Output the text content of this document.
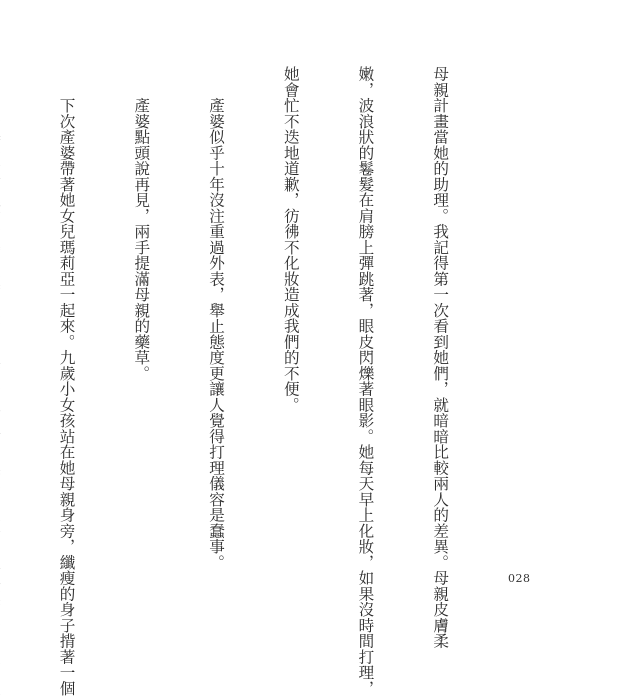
母親計畫當她的助理。我記得第一次看到她們，就暗暗比較兩人的差異。母親皮膚柔

嫩，波浪狀的鬈髮在肩膀上彈跳著，眼皮閃爍著眼影。她每天早上化妝，如果沒時間打理，

她會忙不迭地道歉，彷彿不化妝造成我們的不便。

　　產婆似乎十年沒注重過外表，舉止態度更讓人覺得打理儀容是蠢事。

　　產婆點頭說再見，兩手提滿母親的藥草。

　　下次產婆帶著她女兒瑪莉亞一起來。九歲小女孩站在她母親身旁，纖瘦的身子揹著一個

	028
